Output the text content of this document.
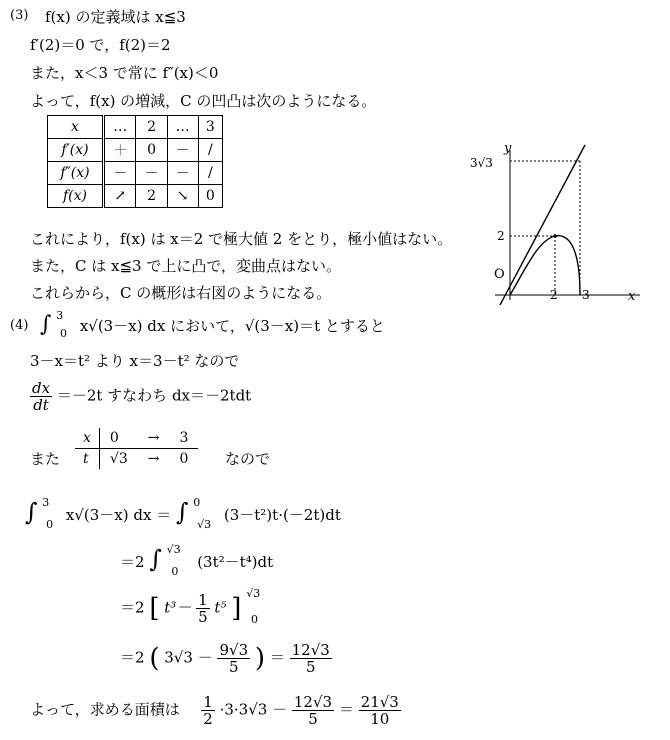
(3) f(x) の定義域は x≦3
f′(2)＝0 で，f(2)＝2
また，x＜3 で常に f″(x)＜0
よって，f(x) の増減，C の凹凸は次のようになる。
x	…	2	…	3
f′(x)	＋	0	－	/
f″(x)	－	－	－	/
f(x)	↗	2	↘	0
これにより，f(x) は x＝2 で極大値 2 をとり，極小値はない。
また，C は x≦3 で上に凸で，変曲点はない。
これらから，C の概形は右図のようになる。
y
x
O
3√3
2
2 3
(4) ∫ $^3$ $_0$ x√(3－x) dx において，√(3－x)＝t とすると
3－x＝t² より x＝3－t² なので
$\frac{dx}{dt} =-2t$ すなわち dx＝－2tdt
また
x	0	→	3
t	√3	→	0 なので
∫ $^3$ $_0$ x√(3－x) dx ＝ ∫ $^0$ $_{√3}$ (3－t²)t·(－2t)dt
＝2 ∫ $^{√3}$ $_0$ (3t²－t⁴)dt
＝2 [ $t^3- \frac{1}{5} t^5$ ] $^{√3}$ $_0$
＝2 ( $3√3 - \frac{9√3}{5}$ ) ＝ $\frac{12√3}{5}$
よって，求める面積は $\frac{1}{2} \cdot 3\cdot 3√3 - \frac{12√3}{5} = \frac{21√3}{10}$
